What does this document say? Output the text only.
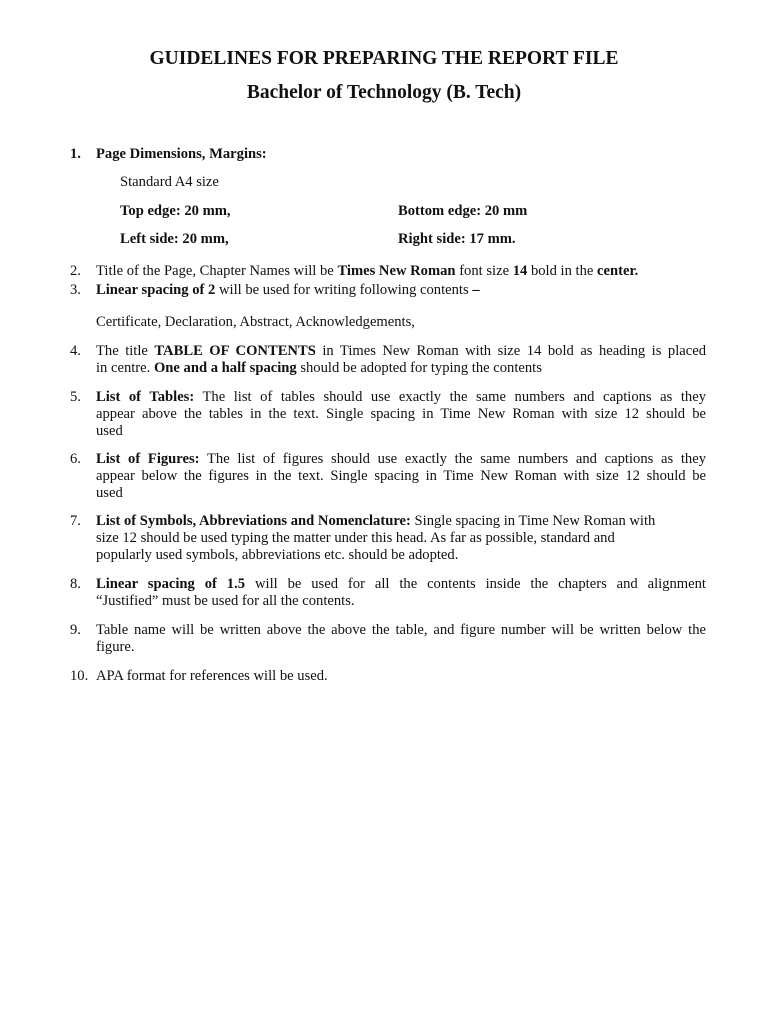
GUIDELINES FOR PREPARING THE REPORT FILE
Bachelor of Technology (B. Tech)
1. Page Dimensions, Margins:
Standard A4 size
Top edge: 20 mm,	Bottom edge: 20 mm
Left side: 20 mm,	Right side: 17 mm.
2. Title of the Page, Chapter Names will be Times New Roman font size 14 bold in the center.
3. Linear spacing of 2 will be used for writing following contents –
Certificate, Declaration, Abstract, Acknowledgements,
4. The title TABLE OF CONTENTS in Times New Roman with size 14 bold as heading is placed
in centre. One and a half spacing should be adopted for typing the contents
5. List of Tables: The list of tables should use exactly the same numbers and captions as they
appear above the tables in the text. Single spacing in Time New Roman with size 12 should be
used
6. List of Figures: The list of figures should use exactly the same numbers and captions as they
appear below the figures in the text. Single spacing in Time New Roman with size 12 should be
used
7. List of Symbols, Abbreviations and Nomenclature: Single spacing in Time New Roman with
size 12 should be used typing the matter under this head. As far as possible, standard and
popularly used symbols, abbreviations etc. should be adopted.
8. Linear spacing of 1.5 will be used for all the contents inside the chapters and alignment
“Justified” must be used for all the contents.
9. Table name will be written above the above the table, and figure number will be written below the
figure.
10. APA format for references will be used.
